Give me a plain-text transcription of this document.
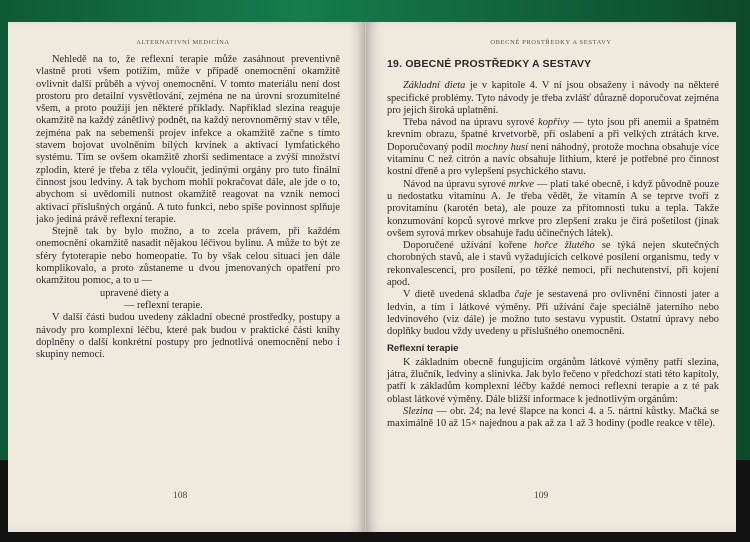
ALTERNATIVNÍ MEDICÍNA

Nehledě na to, že reflexní terapie může zasáhnout preventivně vlastně proti všem potížím, může v případě onemocnění okamžitě ovlivnit další průběh a vývoj onemocnění. V tomto materiálu není dost prostoru pro detailní vysvětlování, zejména ne na úrovni srozumitelné všem, a proto použiji jen některé příklady. Například slezina reaguje okamžitě na každý zánětlivý podnět, na každý nerovnoměrný stav v těle, zejména pak na sebemenší projev infekce a okamžitě začne s tímto stavem bojovat uvolněním bílých krvinek a aktivací lymfatického systému. Tím se ovšem okamžitě zhorší sedimentace a zvýší množství zplodin, které je třeba z těla vyloučit, jedinými orgány pro tuto finální činnost jsou ledviny. A tak bychom mohli pokračovat dále, ale jde o to, abychom si uvědomili nutnost okamžitě reagovat na vznik nemoci aktivací příslušných orgánů. A tuto funkci, nebo spíše povinnost splňuje jako jediná právě reflexní terapie.

Stejně tak by bylo možno, a to zcela právem, při každém onemocnění okamžitě nasadit nějakou léčivou bylinu. A může to být ze sféry fytoterapie nebo homeopatie. To by však celou situaci jen dále komplikovalo, a proto zůstaneme u dvou jmenovaných opatření pro okamžitou pomoc, a to u —

upravené diety a

— reflexní terapie.

V další části budou uvedeny základní obecné prostředky, postupy a návody pro komplexní léčbu, které pak budou v praktické části knihy doplněny o další konkrétní postupy pro jednotlivá onemocnění nebo i skupiny nemocí.

108
OBECNÉ PROSTŘEDKY A SESTAVY
19. OBECNÉ PROSTŘEDKY A SESTAVY

Základní dieta je v kapitole 4. V ní jsou obsaženy i návody na některé specifické problémy. Tyto návody je třeba zvlášť důrazně doporučovat zejména pro jejich široká uplatnění.

Třeba návod na úpravu syrové kopřivy — tyto jsou při anemii a špatném krevním obrazu, špatné krvetvorbě, při oslabení a při velkých ztrátách krve. Doporučovaný podíl mochny husí není náhodný, protože mochna obsahuje více vitamínu C než citrón a navíc obsahuje lithium, které je potřebné pro činnost kostní dřeně a pro vylepšení psychického stavu.

Návod na úpravu syrové mrkve — platí také obecně, i když původně pouze u nedostatku vitamínu A. Je třeba vědět, že vitamín A se teprve tvoří z provitamínu (karotén beta), ale pouze za přítomnosti tuku a tepla. Takže konzumování kopců syrové mrkve pro zlepšení zraku je čirá pošetilost (jinak ovšem syrová mrkev obsahuje řadu účinečných látek).

Doporučené užívání kořene hořce žlutého se týká nejen skutečných chorobných stavů, ale i stavů vyžadujících celkové posílení organismu, tedy v rekonvalescenci, pro posílení, po těžké nemoci, při nechutenství, při kojení apod.

V dietě uvedená skladba čaje je sestavená pro ovlivnění činnosti jater a ledvin, a tím i látkové výměny. Při užívání čaje speciálně jaterního nebo ledvinového (viz dále) je možno tuto sestavu vypustit. Ostatní úpravy nebo doplňky budou vždy uvedeny u příslušného onemocnění.

Reflexní terapie

K základním obecně fungujícím orgánům látkové výměny patří slezina, játra, žlučník, ledviny a slinivka. Jak bylo řečeno v předchozí stati této kapitoly, patří k základům komplexní léčby každé nemoci reflexní terapie a z té pak oblast látkové výměny. Dále bližší informace k jednotlivým orgánům:

Slezina — obr. 24; na levé šlapce na konci 4. a 5. nártní kůstky. Mačká se maximálně 10 až 15× najednou a pak až za 1 až 3 hodiny (podle reakce v těle).

109
